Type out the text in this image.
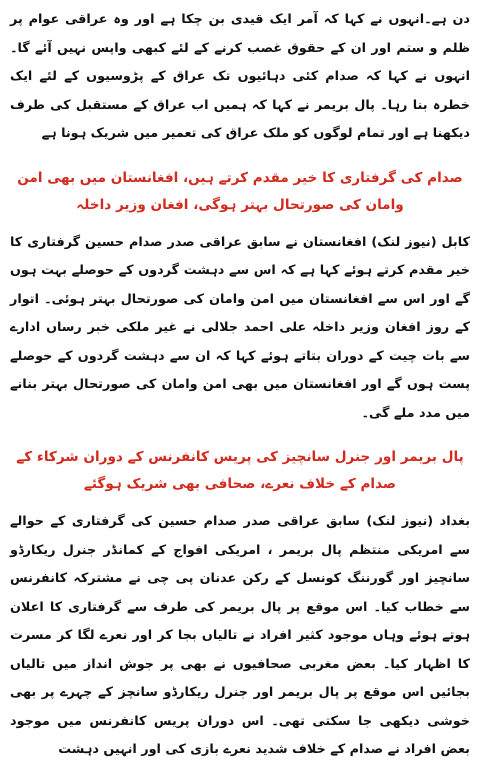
دن ہے۔انہوں نے کہا کہ آمر ایک قیدی بن چکا ہے اور وہ عراقی عوام پر ظلم و ستم اور ان کے حقوق غصب کرنے کے لئے کبھی واپس نہیں آئے گا۔انہوں نے کہا کہ صدام کئی دہائیوں تک عراق کے پڑوسیوں کے لئے ایک خطرہ بنا رہا۔ پال بریمر نے کہا کہ ہمیں اب عراق کے مستقبل کی طرف دیکھنا ہے اور تمام لوگوں کو ملک عراق کی تعمیر میں شریک ہونا ہے

صدام کی گرفتاری کا خیر مقدم کرتے ہیں، افغانستان میں بھی امن وامان کی صورتحال بہتر ہوگی، افغان وزیر داخلہ

کابل (نیوز لنک) افغانستان نے سابق عراقی صدر صدام حسین گرفتاری کا خیر مقدم کرتے ہوئے کہا ہے کہ اس سے دہشت گردوں کے حوصلے بہت ہوں گے اور اس سے افغانستان میں امن وامان کی صورتحال بہتر ہوئی۔ اتوار کے روز افغان وزیر داخلہ علی احمد جلالی نے غیر ملکی خبر رساں ادارے سے بات چیت کے دوران بتاتے ہوئے کہا کہ ان سے دہشت گردوں کے حوصلے پست ہوں گے اور افغانستان میں بھی امن وامان کی صورتحال بہتر بنانے میں مدد ملے گی۔

پال بریمر اور جنرل سانچیز کی پریس کانفرنس کے دوران شرکاء کے صدام کے خلاف نعرے، صحافی بھی شریک ہوگئے

بغداد (نیوز لنک) سابق عراقی صدر صدام حسین کی گرفتاری کے حوالے سے امریکی منتظم پال بریمر ، امریکی افواج کے کمانڈر جنرل ریکارڈو سانچیز اور گورننگ کونسل کے رکن عدنان پی چی نے مشترکہ کانفرنس سے خطاب کیا۔ اس موقع پر پال بریمر کی طرف سے گرفتاری کا اعلان ہوتے ہوئے وہاں موجود کثیر افراد نے تالیاں بجا کر اور نعرے لگا کر مسرت کا اظہار کیا۔ بعض مغربی صحافیوں نے بھی پر جوش انداز میں تالیاں بجائیں اس موقع پر پال بریمر اور جنرل ریکارڈو سانچز کے چہرے پر بھی خوشی دیکھی جا سکتی تھی۔ اس دوران پریس کانفرنس میں موجود بعض افراد نے صدام کے خلاف شدید نعرے بازی کی اور انہیں دہشت
